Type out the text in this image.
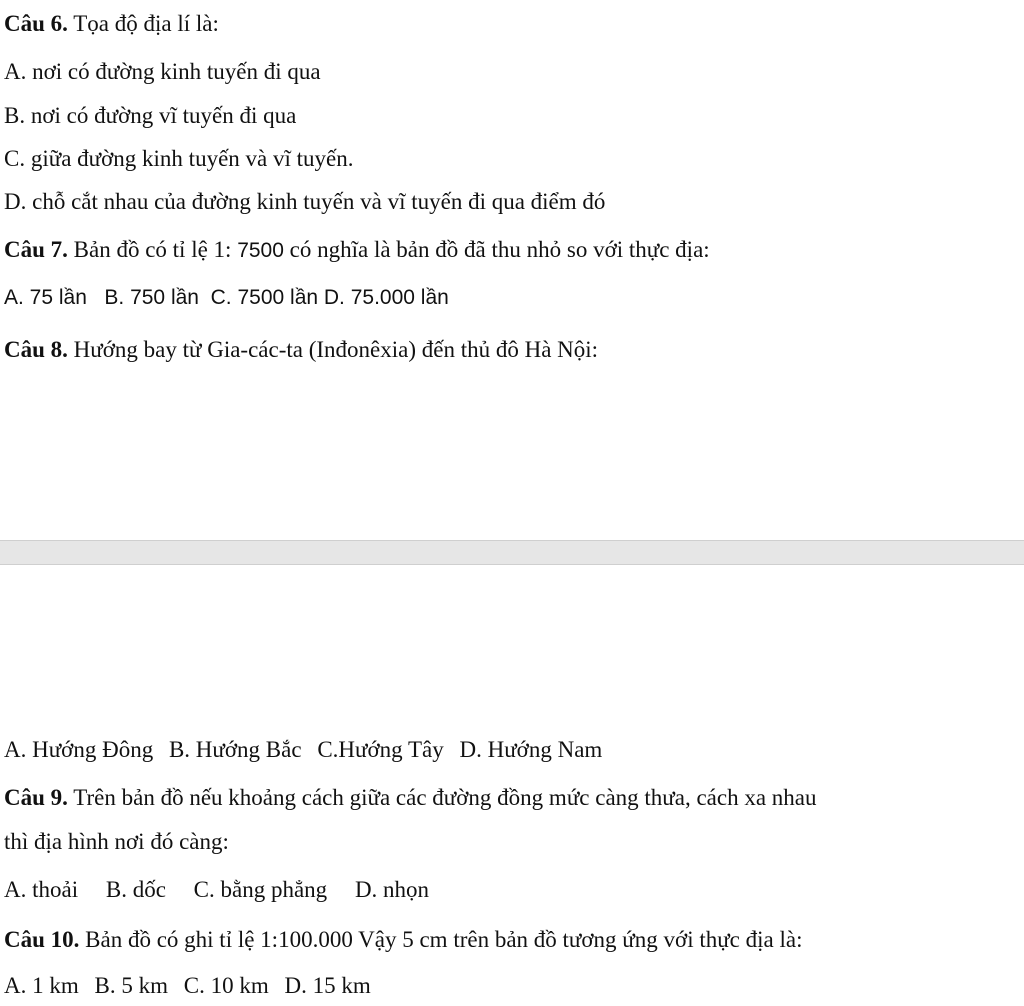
Câu 6. Tọa độ địa lí là:
A. nơi có đường kinh tuyến đi qua
B. nơi có đường vĩ tuyến đi qua
C. giữa đường kinh tuyến và vĩ tuyến.
D. chỗ cắt nhau của đường kinh tuyến và vĩ tuyến đi qua điểm đó
Câu 7. Bản đồ có tỉ lệ 1: 7500 có nghĩa là bản đồ đã thu nhỏ so với thực địa:
A. 75 lần   B. 750 lần  C. 7500 lần D. 75.000 lần
Câu 8. Hướng bay từ Gia-các-ta (Inđonêxia) đến thủ đô Hà Nội:
A. Hướng Đông B. Hướng Bắc C.Hướng Tây D. Hướng Nam
Câu 9. Trên bản đồ nếu khoảng cách giữa các đường đồng mức càng thưa, cách xa nhau
thì địa hình nơi đó càng:
A. thoải B. dốc C. bằng phẳng D. nhọn
Câu 10. Bản đồ có ghi tỉ lệ 1:100.000 Vậy 5 cm trên bản đồ tương ứng với thực địa là:
A. 1 km B. 5 km C. 10 km D. 15 km
